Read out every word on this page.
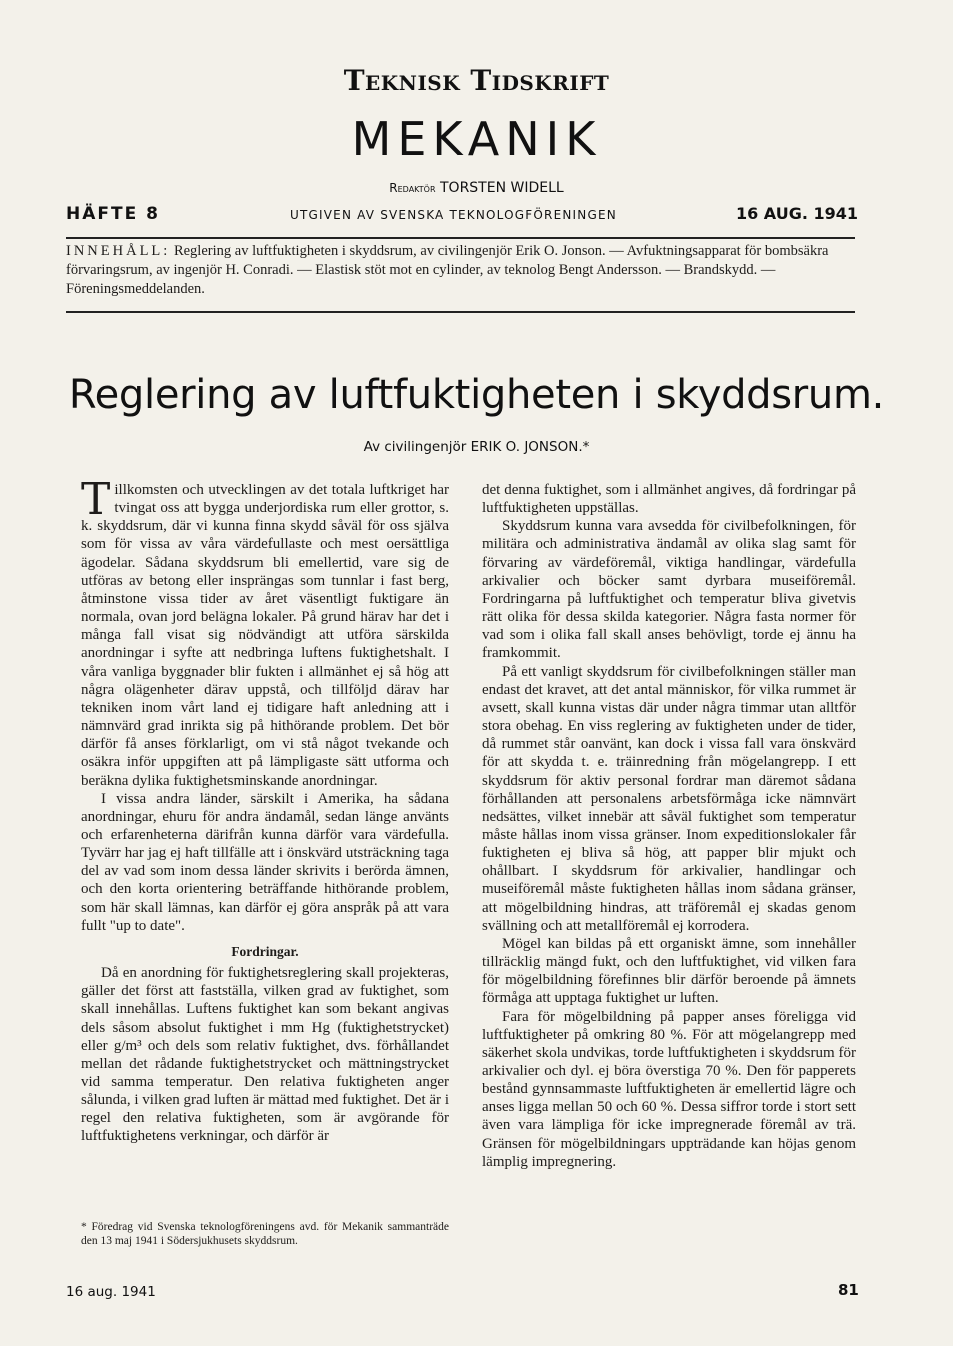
Teknisk Tidskrift
MEKANIK
Redaktör TORSTEN WIDELL
HÄFTE 8	UTGIVEN AV SVENSKA TEKNOLOGFÖRENINGEN	16 AUG. 1941
INNEHÅLL: Reglering av luftfuktigheten i skyddsrum, av civilingenjör Erik O. Jonson. — Avfuktningsapparat för bombsäkra förvaringsrum, av ingenjör H. Conradi. — Elastisk stöt mot en cylinder, av teknolog Bengt Andersson. — Brandskydd. — Föreningsmeddelanden.
Reglering av luftfuktigheten i skyddsrum.
Av civilingenjör ERIK O. JONSON.*

Tillkomsten och utvecklingen av det totala luftkriget har tvingat oss att bygga underjordiska rum eller grottor, s. k. skyddsrum, där vi kunna finna skydd såväl för oss själva som för vissa av våra värdefullaste och mest oersättliga ägodelar. Sådana skyddsrum bli emellertid, vare sig de utföras av betong eller insprängas som tunnlar i fast berg, åtminstone vissa tider av året väsentligt fuktigare än normala, ovan jord belägna lokaler. På grund härav har det i många fall visat sig nödvändigt att utföra särskilda anordningar i syfte att nedbringa luftens fuktighetshalt. I våra vanliga byggnader blir fukten i allmänhet ej så hög att några olägenheter därav uppstå, och tillföljd därav har tekniken inom vårt land ej tidigare haft anledning att i nämnvärd grad inrikta sig på hithörande problem. Det bör därför få anses förklarligt, om vi stå något tvekande och osäkra inför uppgiften att på lämpligaste sätt utforma och beräkna dylika fuktighetsminskande anordningar.

I vissa andra länder, särskilt i Amerika, ha sådana anordningar, ehuru för andra ändamål, sedan länge använts och erfarenheterna därifrån kunna därför vara värdefulla. Tyvärr har jag ej haft tillfälle att i önskvärd utsträckning taga del av vad som inom dessa länder skrivits i berörda ämnen, och den korta orientering beträffande hithörande problem, som här skall lämnas, kan därför ej göra anspråk på att vara fullt "up to date".

Fordringar.

Då en anordning för fuktighetsreglering skall projekteras, gäller det först att fastställa, vilken grad av fuktighet, som skall innehållas. Luftens fuktighet kan som bekant angivas dels såsom absolut fuktighet i mm Hg (fuktighetstrycket) eller g/m³ och dels som relativ fuktighet, dvs. förhållandet mellan det rådande fuktighetstrycket och mättningstrycket vid samma temperatur. Den relativa fuktigheten anger sålunda, i vilken grad luften är mättad med fuktighet. Det är i regel den relativa fuktigheten, som är avgörande för luftfuktighetens verkningar, och därför är

det denna fuktighet, som i allmänhet angives, då fordringar på luftfuktigheten uppställas.

Skyddsrum kunna vara avsedda för civilbefolkningen, för militära och administrativa ändamål av olika slag samt för förvaring av värdeföremål, viktiga handlingar, värdefulla arkivalier och böcker samt dyrbara museiföremål. Fordringarna på luftfuktighet och temperatur bliva givetvis rätt olika för dessa skilda kategorier. Några fasta normer för vad som i olika fall skall anses behövligt, torde ej ännu ha framkommit.

På ett vanligt skyddsrum för civilbefolkningen ställer man endast det kravet, att det antal människor, för vilka rummet är avsett, skall kunna vistas där under några timmar utan alltför stora obehag. En viss reglering av fuktigheten under de tider, då rummet står oanvänt, kan dock i vissa fall vara önskvärd för att skydda t. e. träinredning från mögelangrepp. I ett skyddsrum för aktiv personal fordrar man däremot sådana förhållanden att personalens arbetsförmåga icke nämnvärt nedsättes, vilket innebär att såväl fuktighet som temperatur måste hållas inom vissa gränser. Inom expeditionslokaler får fuktigheten ej bliva så hög, att papper blir mjukt och ohållbart. I skyddsrum för arkivalier, handlingar och museiföremål måste fuktigheten hållas inom sådana gränser, att mögelbildning hindras, att träföremål ej skadas genom svällning och att metallföremål ej korrodera.

Mögel kan bildas på ett organiskt ämne, som innehåller tillräcklig mängd fukt, och den luftfuktighet, vid vilken fara för mögelbildning förefinnes blir därför beroende på ämnets förmåga att upptaga fuktighet ur luften.

Fara för mögelbildning på papper anses föreligga vid luftfuktigheter på omkring 80 %. För att mögelangrepp med säkerhet skola undvikas, torde luftfuktigheten i skyddsrum för arkivalier och dyl. ej böra överstiga 70 %. Den för papperets bestånd gynnsammaste luftfuktigheten är emellertid lägre och anses ligga mellan 50 och 60 %. Dessa siffror torde i stort sett även vara lämpliga för icke impregnerade föremål av trä. Gränsen för mögelbildningars uppträdande kan höjas genom lämplig impregnering.

* Föredrag vid Svenska teknologföreningens avd. för Mekanik sammanträde den 13 maj 1941 i Södersjukhusets skyddsrum.
16 aug. 1941	81
